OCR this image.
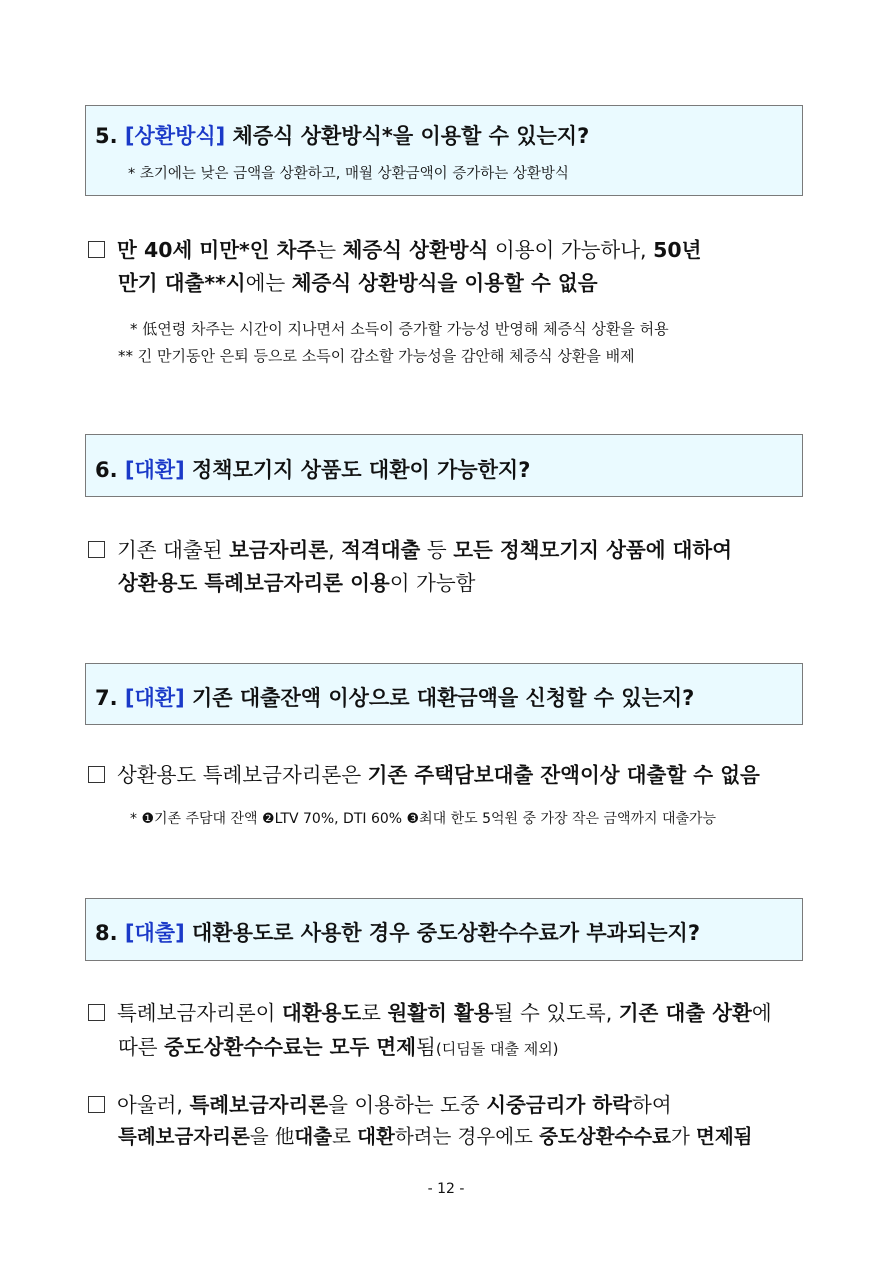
5. [상환방식] 체증식 상환방식*을 이용할 수 있는지?
* 초기에는 낮은 금액을 상환하고, 매월 상환금액이 증가하는 상환방식
만 40세 미만*인 차주는 체증식 상환방식 이용이 가능하나, 50년
만기 대출**시에는 체증식 상환방식을 이용할 수 없음
* 低연령 차주는 시간이 지나면서 소득이 증가할 가능성 반영해 체증식 상환을 허용
** 긴 만기동안 은퇴 등으로 소득이 감소할 가능성을 감안해 체증식 상환을 배제
6. [대환] 정책모기지 상품도 대환이 가능한지?
기존 대출된 보금자리론, 적격대출 등 모든 정책모기지 상품에 대하여
상환용도 특례보금자리론 이용이 가능함
7. [대환] 기존 대출잔액 이상으로 대환금액을 신청할 수 있는지?
상환용도 특례보금자리론은 기존 주택담보대출 잔액이상 대출할 수 없음
* ❶기존 주담대 잔액 ❷LTV 70%, DTI 60% ❸최대 한도 5억원 중 가장 작은 금액까지 대출가능
8. [대출] 대환용도로 사용한 경우 중도상환수수료가 부과되는지?
특례보금자리론이 대환용도로 원활히 활용될 수 있도록, 기존 대출 상환에
따른 중도상환수수료는 모두 면제됨(디딤돌 대출 제외)
아울러, 특례보금자리론을 이용하는 도중 시중금리가 하락하여
특례보금자리론을 他대출로 대환하려는 경우에도 중도상환수수료가 면제됨
- 12 -
